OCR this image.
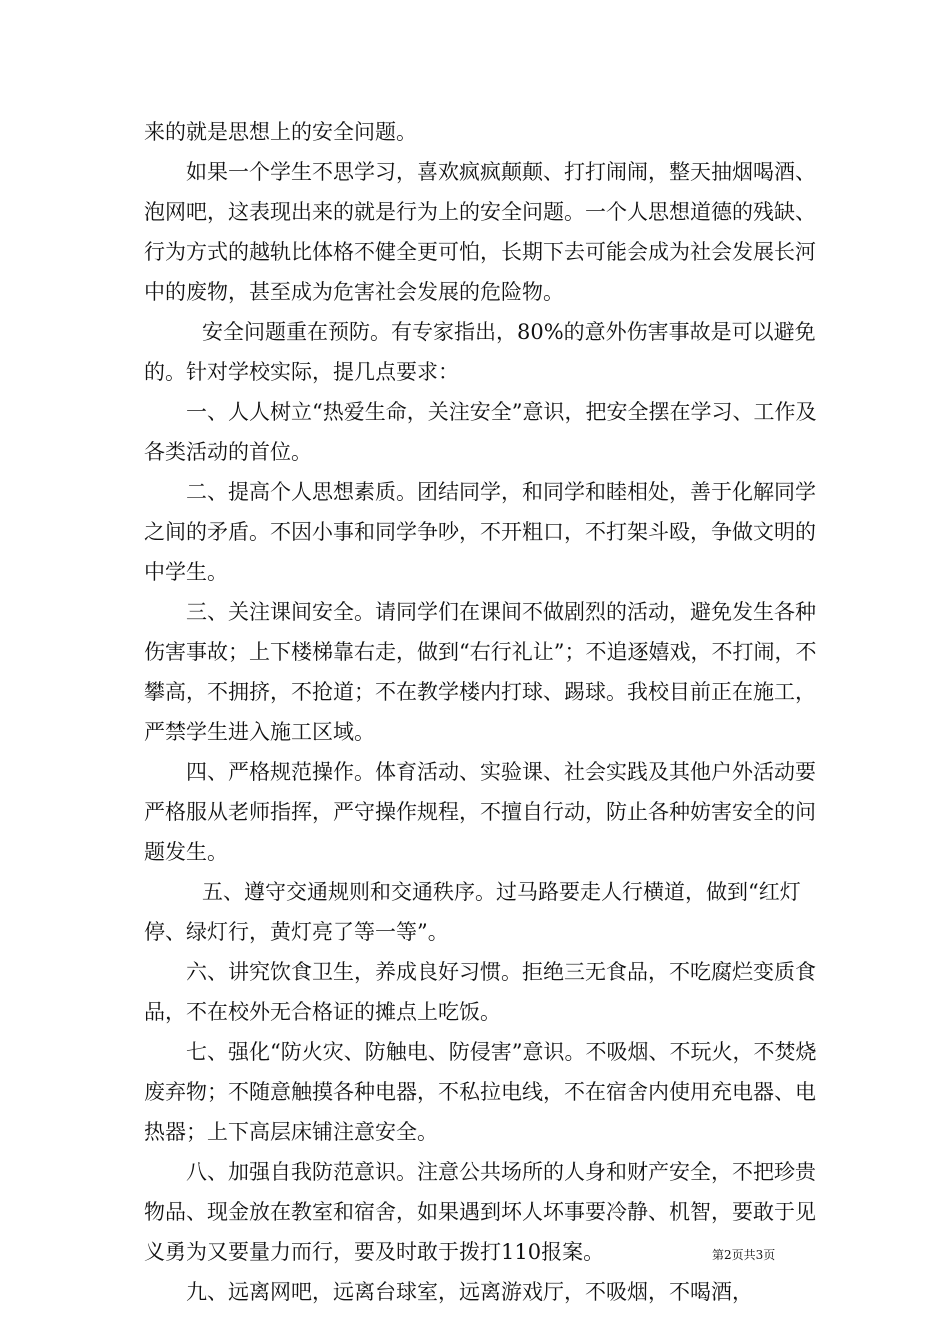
来的就是思想上的安全问题。

如果一个学生不思学习，喜欢疯疯颠颠、打打闹闹，整天抽烟喝酒、泡网吧，这表现出来的就是行为上的安全问题。一个人思想道德的残缺、行为方式的越轨比体格不健全更可怕，长期下去可能会成为社会发展长河中的废物，甚至成为危害社会发展的危险物。

安全问题重在预防。有专家指出，80%的意外伤害事故是可以避免的。针对学校实际，提几点要求：

一、人人树立“热爱生命，关注安全”意识，把安全摆在学习、工作及各类活动的首位。

二、提高个人思想素质。团结同学，和同学和睦相处，善于化解同学之间的矛盾。不因小事和同学争吵，不开粗口，不打架斗殴，争做文明的中学生。

三、关注课间安全。请同学们在课间不做剧烈的活动，避免发生各种伤害事故；上下楼梯靠右走，做到“右行礼让”；不追逐嬉戏，不打闹，不攀高，不拥挤，不抢道；不在教学楼内打球、踢球。我校目前正在施工，严禁学生进入施工区域。

四、严格规范操作。体育活动、实验课、社会实践及其他户外活动要严格服从老师指挥，严守操作规程，不擅自行动，防止各种妨害安全的问题发生。

五、遵守交通规则和交通秩序。过马路要走人行横道，做到“红灯停、绿灯行，黄灯亮了等一等”。

六、讲究饮食卫生，养成良好习惯。拒绝三无食品，不吃腐烂变质食品，不在校外无合格证的摊点上吃饭。

七、强化“防火灾、防触电、防侵害”意识。不吸烟、不玩火，不焚烧废弃物；不随意触摸各种电器，不私拉电线，不在宿舍内使用充电器、电热器；上下高层床铺注意安全。

八、加强自我防范意识。注意公共场所的人身和财产安全，不把珍贵物品、现金放在教室和宿舍，如果遇到坏人坏事要冷静、机智，要敢于见义勇为又要量力而行，要及时敢于拨打110报案。

九、远离网吧，远离台球室，远离游戏厅，不吸烟，不喝酒，

第2页共3页
